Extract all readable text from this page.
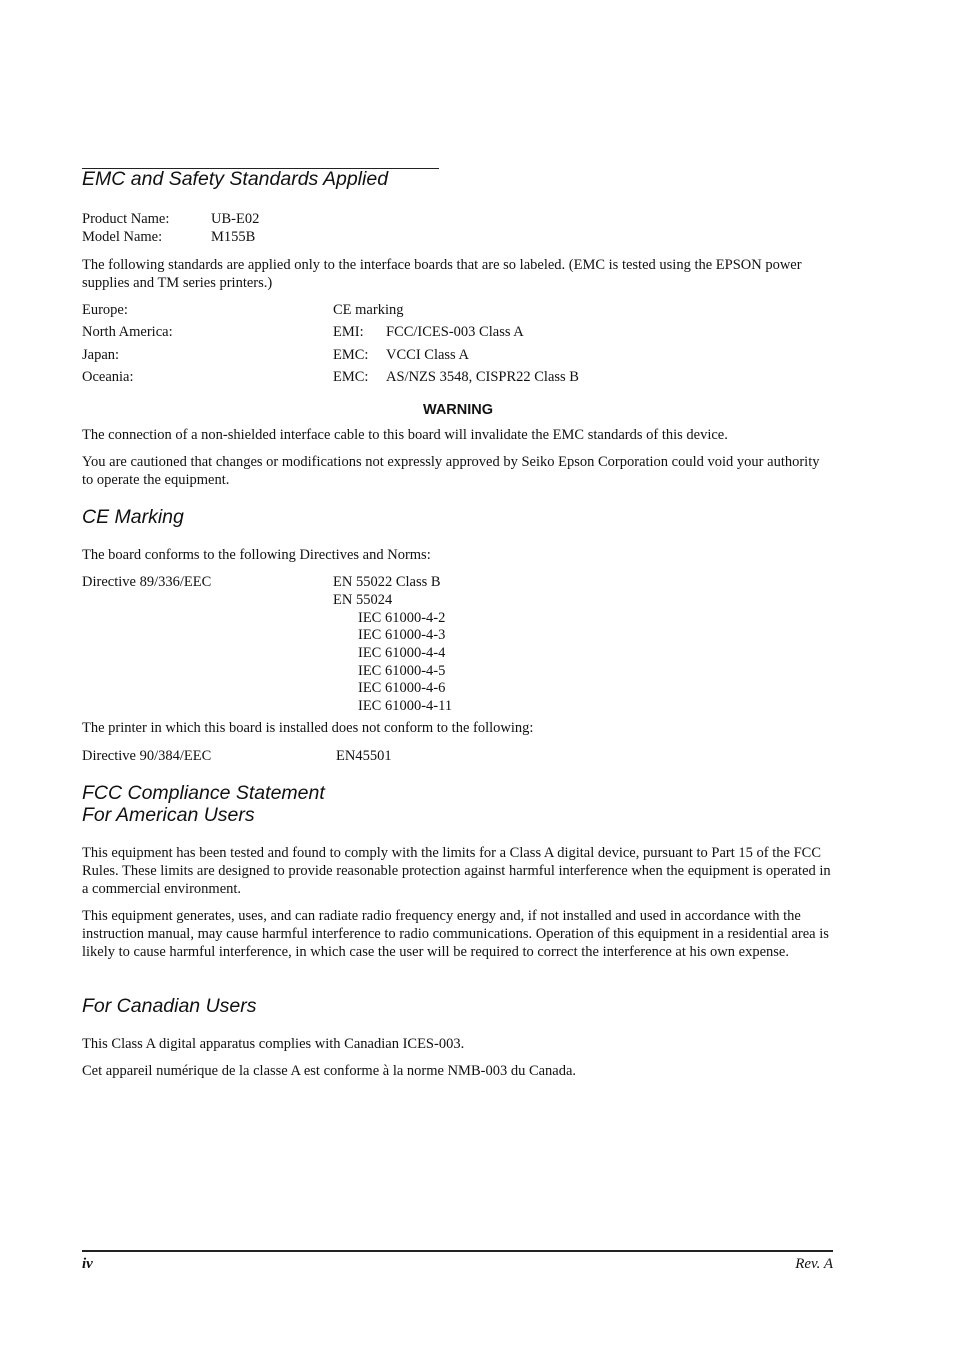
EMC and Safety Standards Applied
Product Name:	UB-E02
Model Name:	M155B
The following standards are applied only to the interface boards that are so labeled. (EMC is tested using the EPSON power supplies and TM series printers.)
Europe:	CE marking
North America:	EMI: FCC/ICES-003 Class A
Japan:	EMC: VCCI Class A
Oceania:	EMC: AS/NZS 3548, CISPR22 Class B
WARNING
The connection of a non-shielded interface cable to this board will invalidate the EMC standards of this device.
You are cautioned that changes or modifications not expressly approved by Seiko Epson Corporation could void your authority to operate the equipment.
CE Marking
The board conforms to the following Directives and Norms:
Directive 89/336/EEC	EN 55022 Class B
EN 55024
IEC 61000-4-2
IEC 61000-4-3
IEC 61000-4-4
IEC 61000-4-5
IEC 61000-4-6
IEC 61000-4-11
The printer in which this board is installed does not conform to the following:
Directive 90/384/EEC	EN45501
FCC Compliance Statement
For American Users
This equipment has been tested and found to comply with the limits for a Class A digital device, pursuant to Part 15 of the FCC Rules. These limits are designed to provide reasonable protection against harmful interference when the equipment is operated in a commercial environment.
This equipment generates, uses, and can radiate radio frequency energy and, if not installed and used in accordance with the instruction manual, may cause harmful interference to radio communications. Operation of this equipment in a residential area is likely to cause harmful interference, in which case the user will be required to correct the interference at his own expense.
For Canadian Users
This Class A digital apparatus complies with Canadian ICES-003.
Cet appareil numérique de la classe A est conforme à la norme NMB-003 du Canada.
iv	Rev. A
